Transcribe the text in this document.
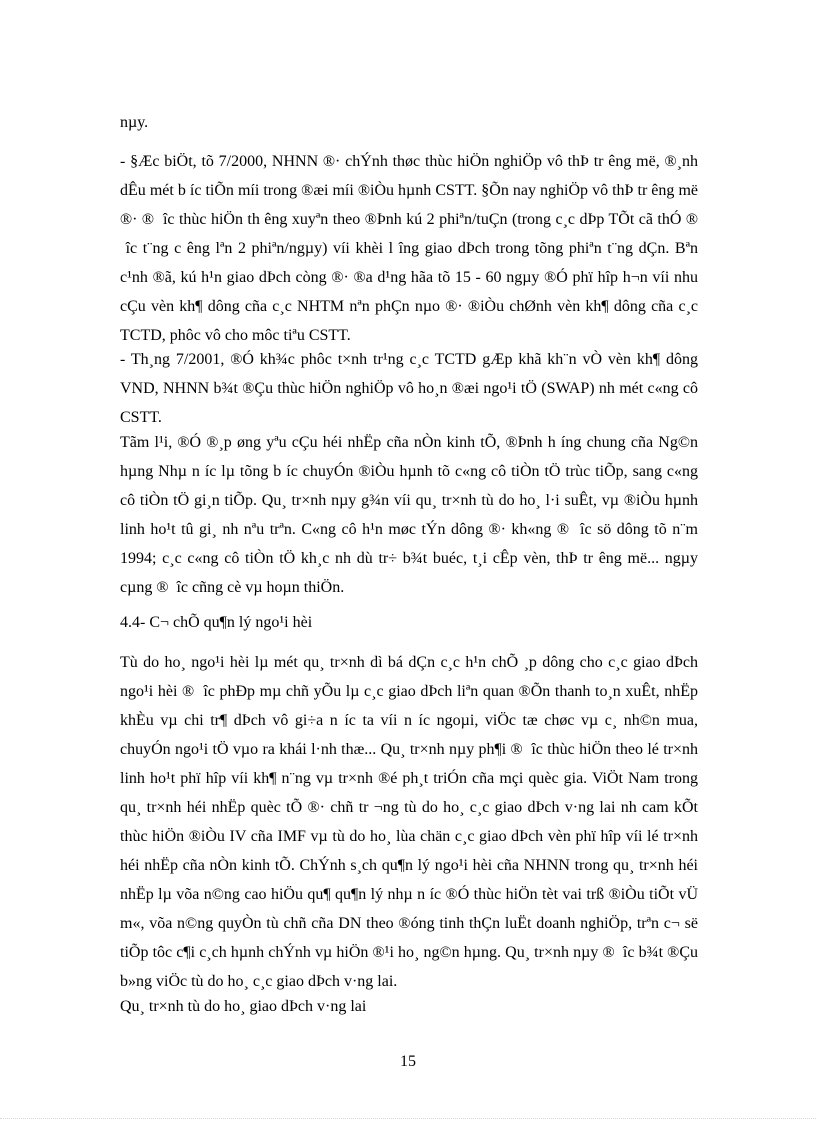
nµy.

- §Æc biÖt, tõ 7/2000, NHNN ®· chÝnh thøc thùc hiÖn nghiÖp vô thÞ tr êng më, ®¸nh dÊu mét b íc tiÕn míi trong ®æi míi ®iÒu hµnh CSTT. §Õn nay nghiÖp vô thÞ tr êng më ®· ® îc thùc hiÖn th êng xuyªn theo ®Þnh kú 2 phiªn/tuÇn (trong c¸c dÞp TÕt cã thÓ ® îc t¨ng c êng lªn 2 phiªn/ngµy) víi khèi l îng giao dÞch trong tõng phiªn t¨ng dÇn. Bªn c¹nh ®ã, kú h¹n giao dÞch còng ®· ®a d¹ng hãa tõ 15 - 60 ngµy ®Ó phï hîp h¬n víi nhu cÇu vèn kh¶ dông cña c¸c NHTM nªn phÇn nµo ®· ®iÒu chØnh vèn kh¶ dông cña c¸c TCTD, phôc vô cho môc tiªu CSTT.

- Th¸ng 7/2001, ®Ó kh¾c phôc t×nh tr¹ng c¸c TCTD gÆp khã kh¨n vÒ vèn kh¶ dông VND, NHNN b¾t ®Çu thùc hiÖn nghiÖp vô ho¸n ®æi ngo¹i tÖ (SWAP) nh mét c«ng cô CSTT.

Tãm l¹i, ®Ó ®¸p øng yªu cÇu héi nhËp cña nÒn kinh tÕ, ®Þnh h íng chung cña Ng©n hµng Nhµ n íc lµ tõng b íc chuyÓn ®iÒu hµnh tõ c«ng cô tiÒn tÖ trùc tiÕp, sang c«ng cô tiÒn tÖ gi¸n tiÕp. Qu¸ tr×nh nµy g¾n víi qu¸ tr×nh tù do ho¸ l·i suÊt, vµ ®iÒu hµnh linh ho¹t tû gi¸ nh nªu trªn. C«ng cô h¹n møc tÝn dông ®· kh«ng ® îc sö dông tõ n¨m 1994; c¸c c«ng cô tiÒn tÖ kh¸c nh dù tr÷ b¾t buéc, t¸i cÊp vèn, thÞ tr êng më... ngµy cµng ® îc cñng cè vµ hoµn thiÖn.

4.4- C¬ chÕ qu¶n lý ngo¹i hèi

Tù do ho¸ ngo¹i hèi lµ mét qu¸ tr×nh dì bá dÇn c¸c h¹n chÕ ¸p dông cho c¸c giao dÞch ngo¹i hèi ® îc phÐp mµ chñ yÕu lµ c¸c giao dÞch liªn quan ®Õn thanh to¸n xuÊt, nhËp khÈu vµ chi tr¶ dÞch vô gi÷a n íc ta víi n íc ngoµi, viÖc tæ chøc vµ c¸ nh©n mua, chuyÓn ngo¹i tÖ vµo ra khái l·nh thæ... Qu¸ tr×nh nµy ph¶i ® îc thùc hiÖn theo lé tr×nh linh ho¹t phï hîp víi kh¶ n¨ng vµ tr×nh ®é ph¸t triÓn cña mçi quèc gia. ViÖt Nam trong qu¸ tr×nh héi nhËp quèc tÕ ®· chñ tr ¬ng tù do ho¸ c¸c giao dÞch v·ng lai nh cam kÕt thùc hiÖn ®iÒu IV cña IMF vµ tù do ho¸ lùa chän c¸c giao dÞch vèn phï hîp víi lé tr×nh héi nhËp cña nÒn kinh tÕ. ChÝnh s¸ch qu¶n lý ngo¹i hèi cña NHNN trong qu¸ tr×nh héi nhËp lµ võa n©ng cao hiÖu qu¶ qu¶n lý nhµ n íc ®Ó thùc hiÖn tèt vai trß ®iÒu tiÕt vÜ m«, võa n©ng quyÒn tù chñ cña DN theo ®óng tinh thÇn luËt doanh nghiÖp, trªn c¬ së tiÕp tôc c¶i c¸ch hµnh chÝnh vµ hiÖn ®¹i ho¸ ng©n hµng. Qu¸ tr×nh nµy ® îc b¾t ®Çu b»ng viÖc tù do ho¸ c¸c giao dÞch v·ng lai.

Qu¸ tr×nh tù do ho¸ giao dÞch v·ng lai

15
